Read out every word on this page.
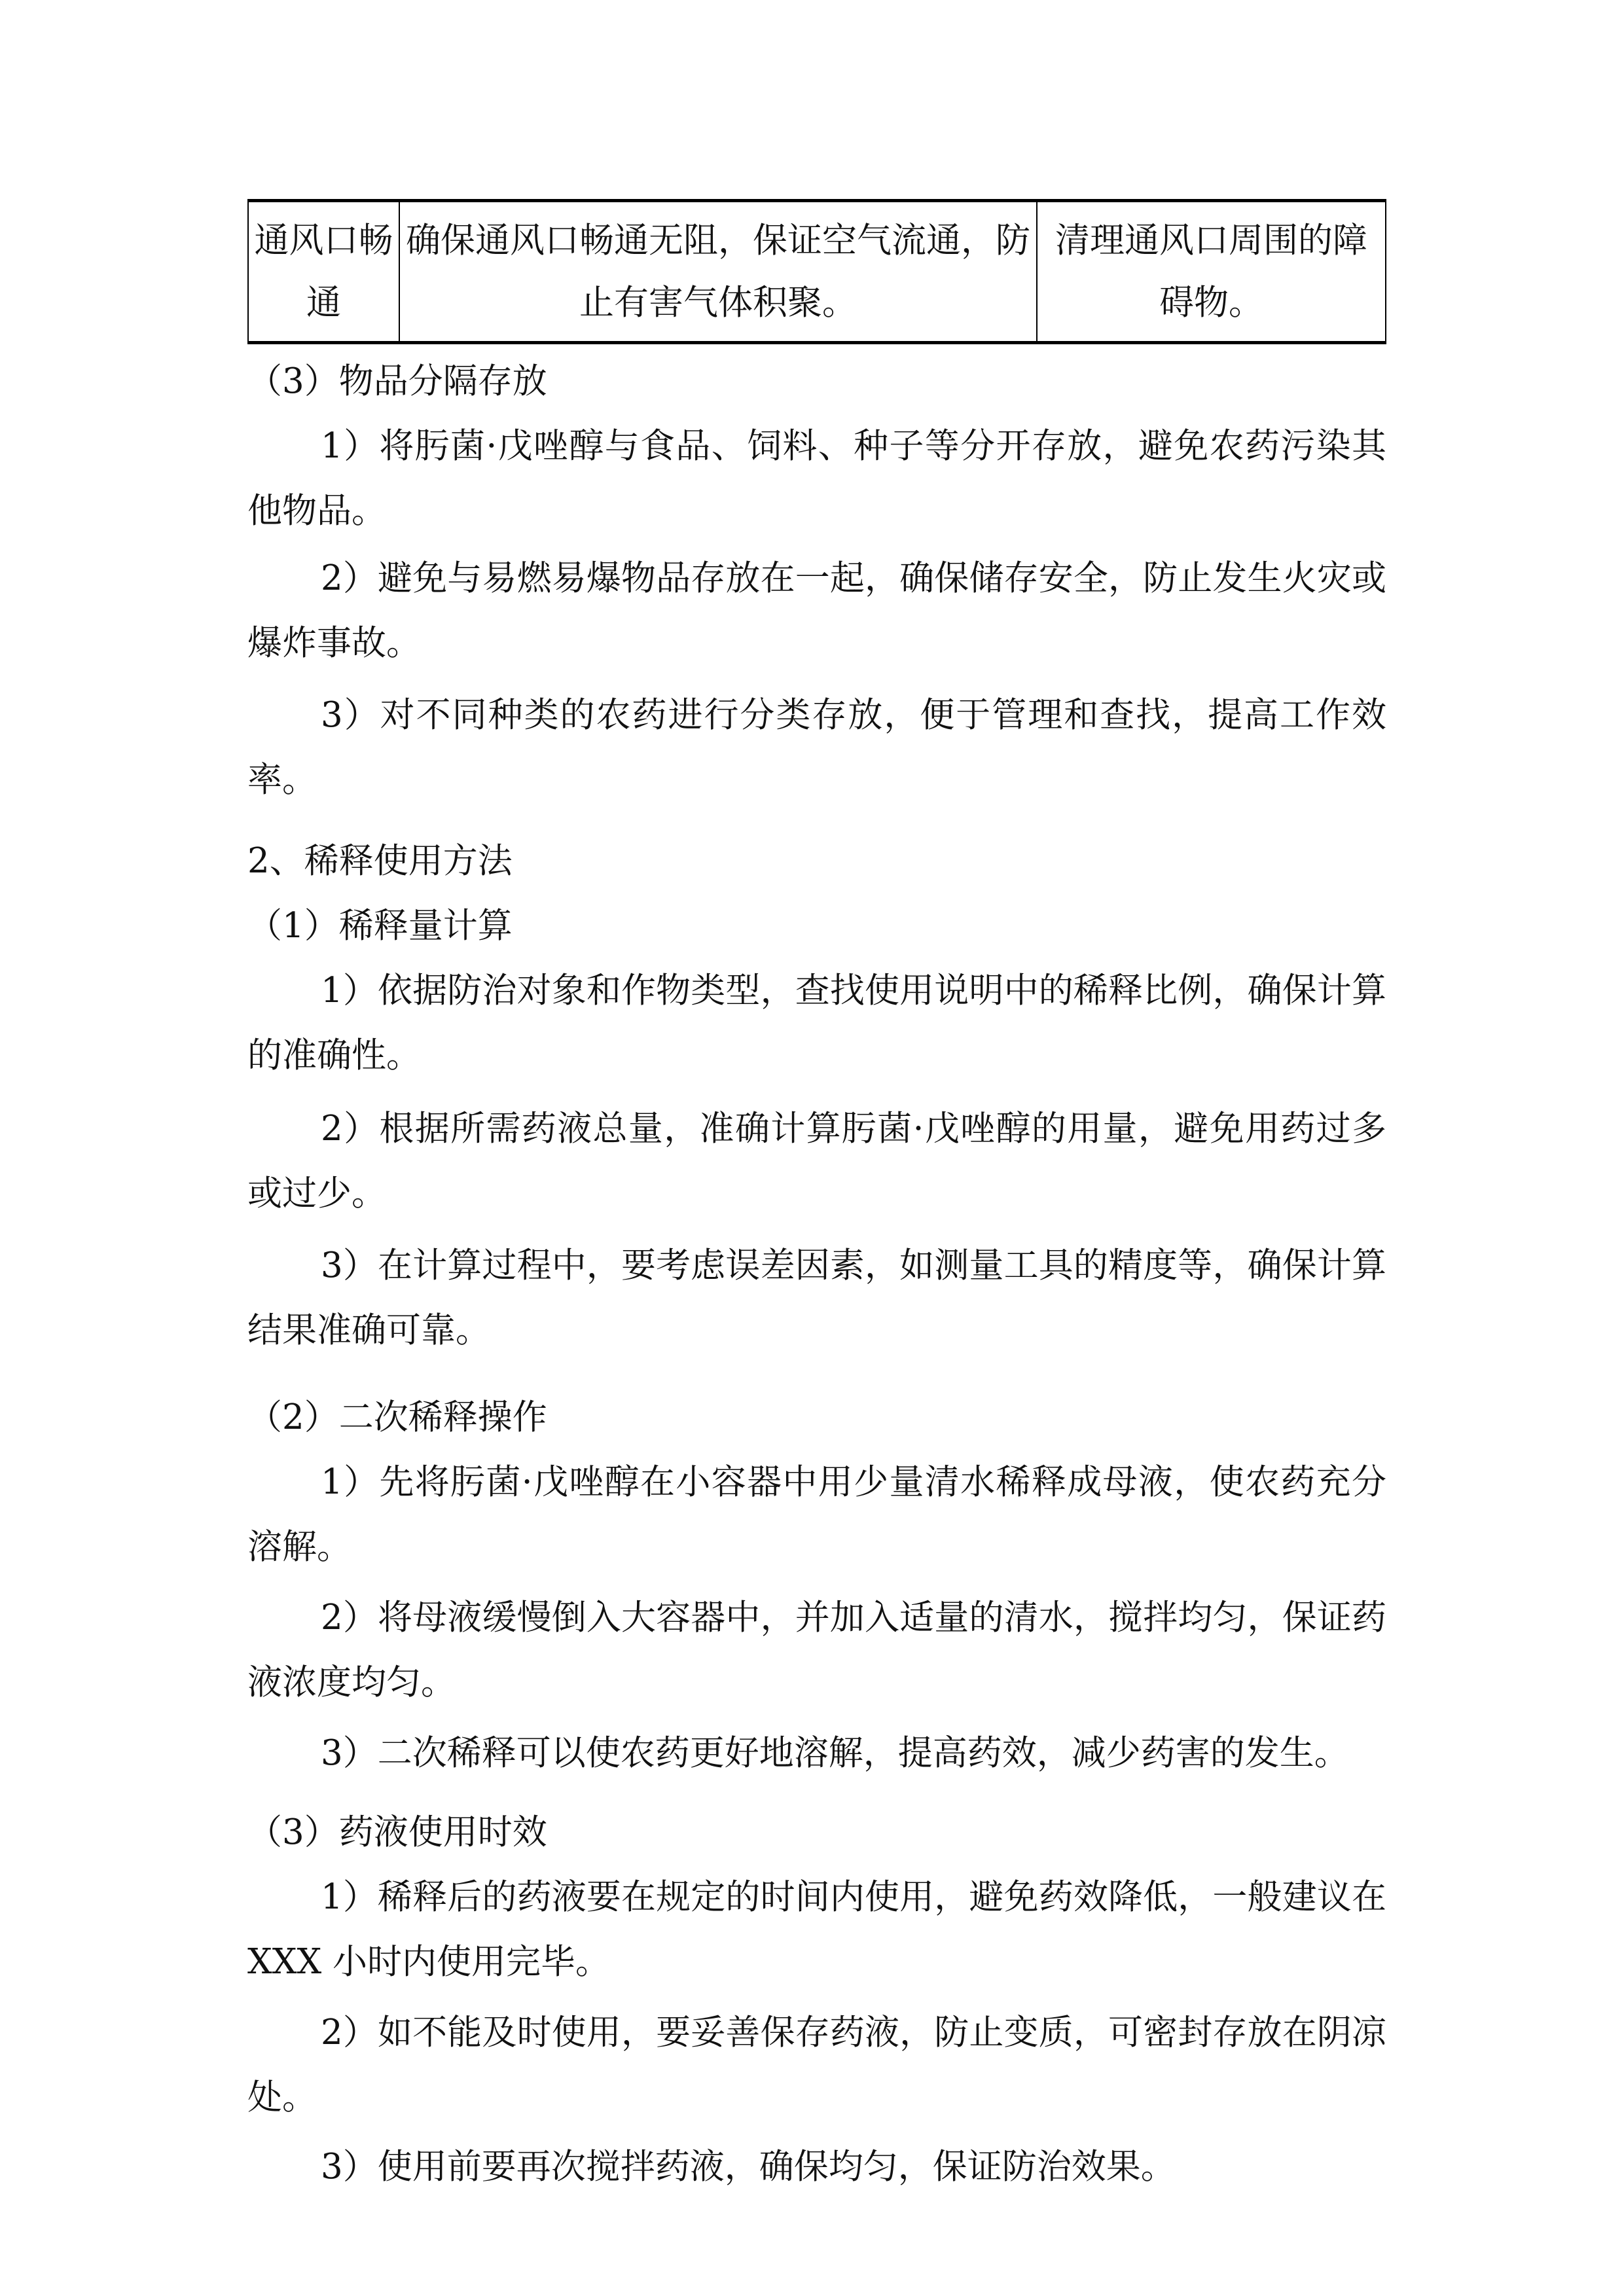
通风口畅通	确保通风口畅通无阻，保证空气流通，防止有害气体积聚。	清理通风口周围的障碍物。

（3）物品分隔存放

1）将肟菌·戊唑醇与食品、饲料、种子等分开存放，避免农药污染其他物品。

2）避免与易燃易爆物品存放在一起，确保储存安全，防止发生火灾或爆炸事故。

3）对不同种类的农药进行分类存放，便于管理和查找，提高工作效率。

2、稀释使用方法

（1）稀释量计算

1）依据防治对象和作物类型，查找使用说明中的稀释比例，确保计算的准确性。

2）根据所需药液总量，准确计算肟菌·戊唑醇的用量，避免用药过多或过少。

3）在计算过程中，要考虑误差因素，如测量工具的精度等，确保计算结果准确可靠。

（2）二次稀释操作

1）先将肟菌·戊唑醇在小容器中用少量清水稀释成母液，使农药充分溶解。

2）将母液缓慢倒入大容器中，并加入适量的清水，搅拌均匀，保证药液浓度均匀。

3）二次稀释可以使农药更好地溶解，提高药效，减少药害的发生。

（3）药液使用时效

1）稀释后的药液要在规定的时间内使用，避免药效降低，一般建议在 XXX 小时内使用完毕。

2）如不能及时使用，要妥善保存药液，防止变质，可密封存放在阴凉处。

3）使用前要再次搅拌药液，确保均匀，保证防治效果。
